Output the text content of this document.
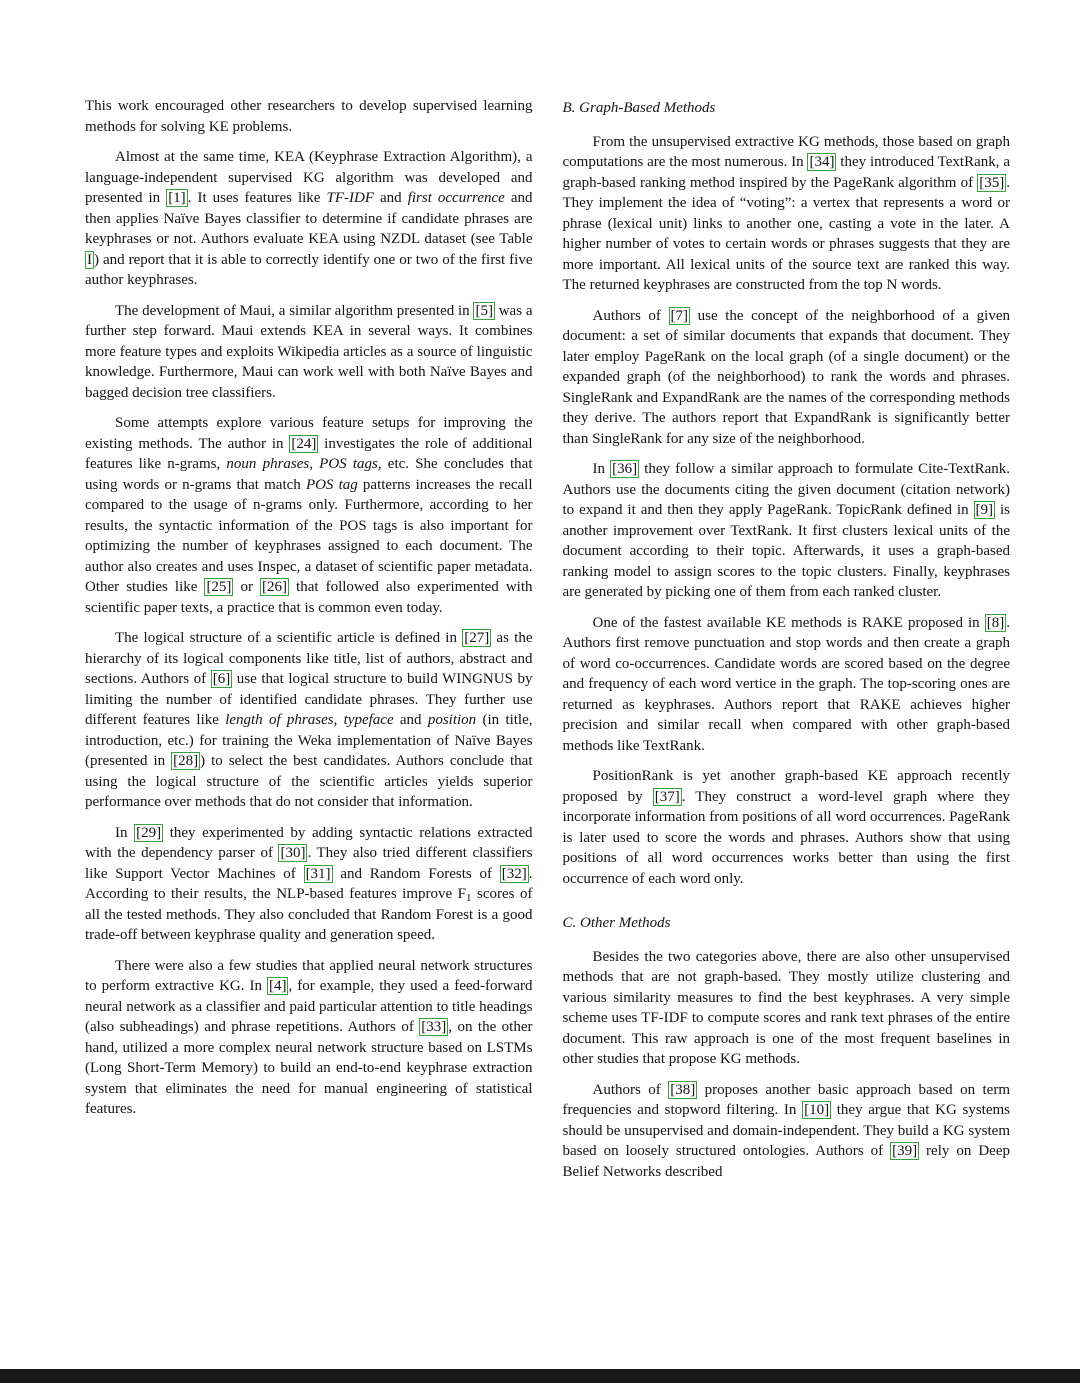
This work encouraged other researchers to develop supervised learning methods for solving KE problems.

Almost at the same time, KEA (Keyphrase Extraction Algorithm), a language-independent supervised KG algorithm was developed and presented in [1] . It uses features like TF-IDF and first occurrence and then applies Naïve Bayes classifier to determine if candidate phrases are keyphrases or not. Authors evaluate KEA using NZDL dataset (see Table I ) and report that it is able to correctly identify one or two of the first five author keyphrases.

The development of Maui, a similar algorithm presented in [5] was a further step forward. Maui extends KEA in several ways. It combines more feature types and exploits Wikipedia articles as a source of linguistic knowledge. Furthermore, Maui can work well with both Naïve Bayes and bagged decision tree classifiers.

Some attempts explore various feature setups for improving the existing methods. The author in [24] investigates the role of additional features like n-grams, noun phrases, POS tags, etc. She concludes that using words or n-grams that match POS tag patterns increases the recall compared to the usage of n-grams only. Furthermore, according to her results, the syntactic information of the POS tags is also important for optimizing the number of keyphrases assigned to each document. The author also creates and uses Inspec, a dataset of scientific paper metadata. Other studies like [25] or [26] that followed also experimented with scientific paper texts, a practice that is common even today.

The logical structure of a scientific article is defined in [27] as the hierarchy of its logical components like title, list of authors, abstract and sections. Authors of [6] use that logical structure to build WINGNUS by limiting the number of identified candidate phrases. They further use different features like length of phrases, typeface and position (in title, introduction, etc.) for training the Weka implementation of Naïve Bayes (presented in [28] ) to select the best candidates. Authors conclude that using the logical structure of the scientific articles yields superior performance over methods that do not consider that information.

In [29] they experimented by adding syntactic relations extracted with the dependency parser of [30] . They also tried different classifiers like Support Vector Machines of [31] and Random Forests of [32] . According to their results, the NLP-based features improve $F_1$ scores of all the tested methods. They also concluded that Random Forest is a good trade-off between keyphrase quality and generation speed.

There were also a few studies that applied neural network structures to perform extractive KG. In [4] , for example, they used a feed-forward neural network as a classifier and paid particular attention to title headings (also subheadings) and phrase repetitions. Authors of [33] , on the other hand, utilized a more complex neural network structure based on LSTMs (Long Short-Term Memory) to build an end-to-end keyphrase extraction system that eliminates the need for manual engineering of statistical features.

B. Graph-Based Methods

From the unsupervised extractive KG methods, those based on graph computations are the most numerous. In [34] they introduced TextRank, a graph-based ranking method inspired by the PageRank algorithm of [35] . They implement the idea of “voting”: a vertex that represents a word or phrase (lexical unit) links to another one, casting a vote in the later. A higher number of votes to certain words or phrases suggests that they are more important. All lexical units of the source text are ranked this way. The returned keyphrases are constructed from the top N words.

Authors of [7] use the concept of the neighborhood of a given document: a set of similar documents that expands that document. They later employ PageRank on the local graph (of a single document) or the expanded graph (of the neighborhood) to rank the words and phrases. SingleRank and ExpandRank are the names of the corresponding methods they derive. The authors report that ExpandRank is significantly better than SingleRank for any size of the neighborhood.

In [36] they follow a similar approach to formulate Cite-TextRank. Authors use the documents citing the given document (citation network) to expand it and then they apply PageRank. TopicRank defined in [9] is another improvement over TextRank. It first clusters lexical units of the document according to their topic. Afterwards, it uses a graph-based ranking model to assign scores to the topic clusters. Finally, keyphrases are generated by picking one of them from each ranked cluster.

One of the fastest available KE methods is RAKE proposed in [8] . Authors first remove punctuation and stop words and then create a graph of word co-occurrences. Candidate words are scored based on the degree and frequency of each word vertice in the graph. The top-scoring ones are returned as keyphrases. Authors report that RAKE achieves higher precision and similar recall when compared with other graph-based methods like TextRank.

PositionRank is yet another graph-based KE approach recently proposed by [37] . They construct a word-level graph where they incorporate information from positions of all word occurrences. PageRank is later used to score the words and phrases. Authors show that using positions of all word occurrences works better than using the first occurrence of each word only.

C. Other Methods

Besides the two categories above, there are also other unsupervised methods that are not graph-based. They mostly utilize clustering and various similarity measures to find the best keyphrases. A very simple scheme uses TF-IDF to compute scores and rank text phrases of the entire document. This raw approach is one of the most frequent baselines in other studies that propose KG methods.

Authors of [38] proposes another basic approach based on term frequencies and stopword filtering. In [10] they argue that KG systems should be unsupervised and domain-independent. They build a KG system based on loosely structured ontologies. Authors of [39] rely on Deep Belief Networks described
